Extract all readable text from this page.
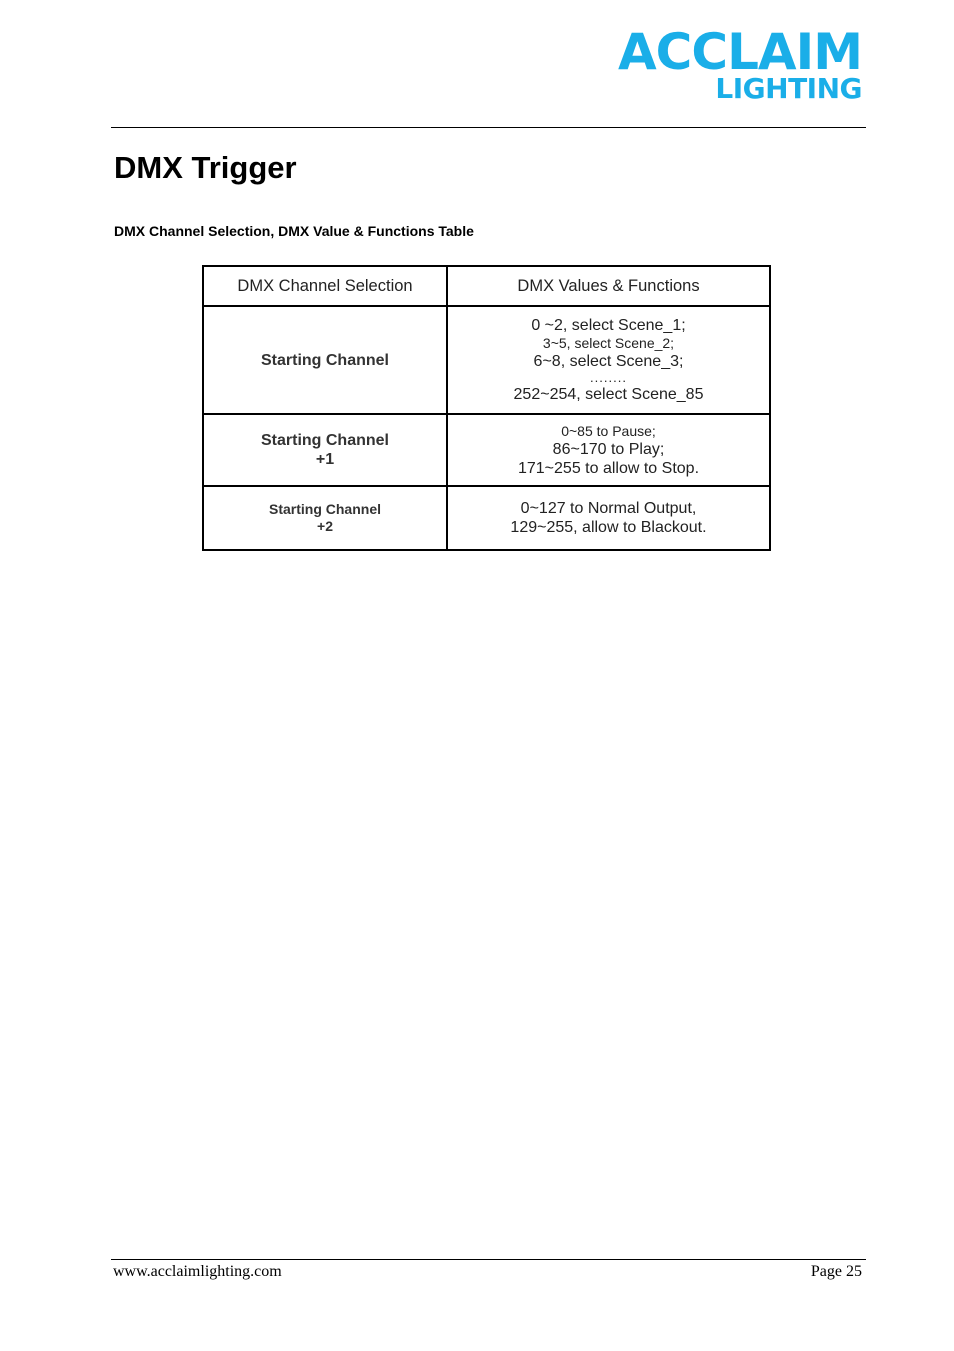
ACCLAIM
LIGHTING
DMX Trigger

DMX Channel Selection, DMX Value & Functions Table

DMX Channel Selection	DMX Values & Functions

Starting Channel	0 ~2, select Scene_1;
3~5, select Scene_2;
6~8, select Scene_3;
........
252~254, select Scene_85

Starting Channel
+1	0~85 to Pause;
86~170 to Play;
171~255 to allow to Stop.

Starting Channel
+2	0~127 to Normal Output,
129~255, allow to Blackout.
www.acclaimlighting.com	Page 25
